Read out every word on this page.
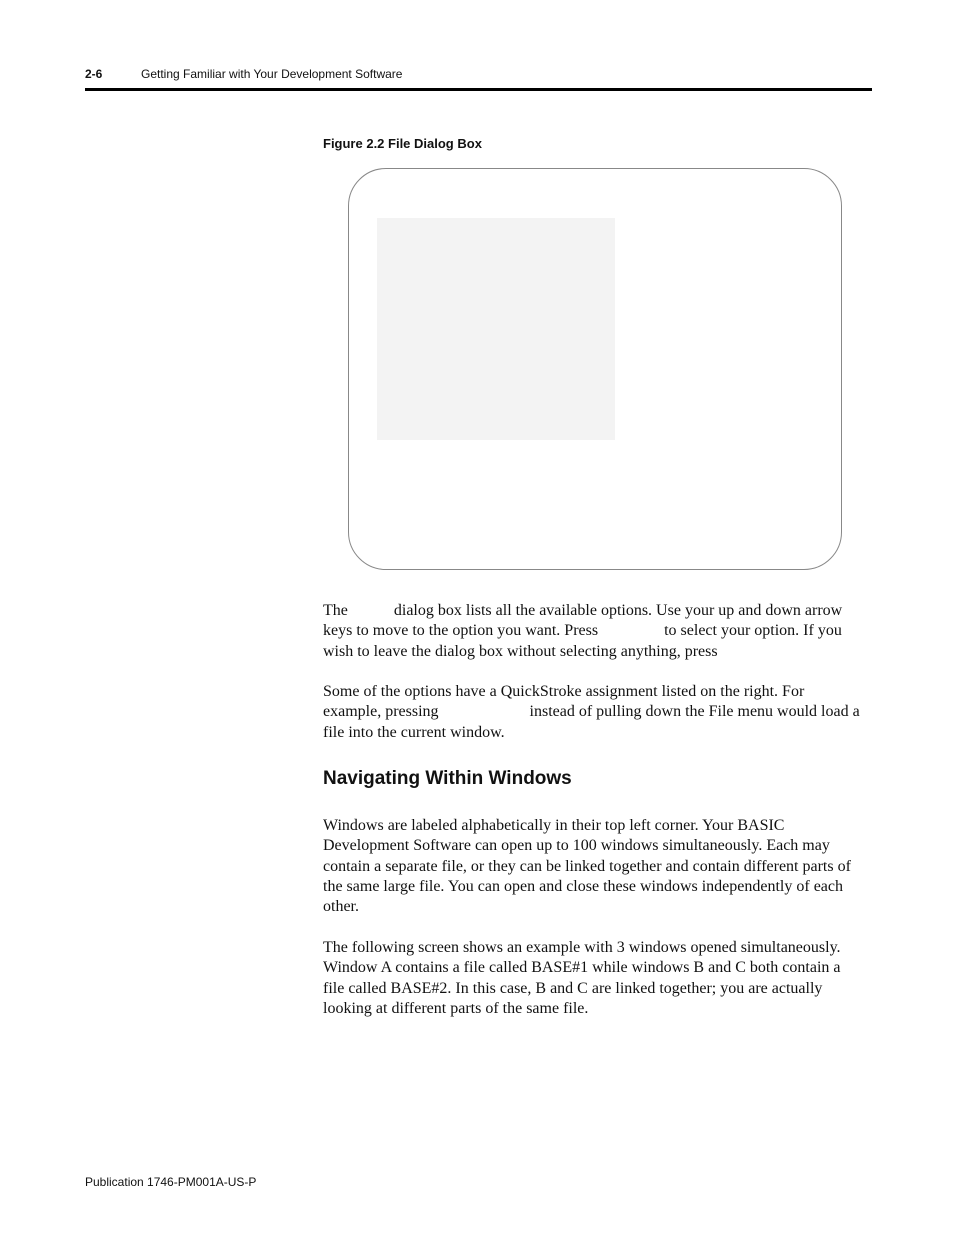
2-6	Getting Familiar with Your Development Software
Figure 2.2 File Dialog Box
The	dialog box lists all the available options. Use your up and down arrow
keys to move to the option you want. Press	to select your option. If you
wish to leave the dialog box without selecting anything, press
Some of the options have a QuickStroke assignment listed on the right. For
example, pressing	instead of pulling down the File menu would load a
file into the current window.
Navigating Within Windows
Windows are labeled alphabetically in their top left corner. Your BASIC
Development Software can open up to 100 windows simultaneously. Each may
contain a separate file, or they can be linked together and contain different parts of
the same large file. You can open and close these windows independently of each
other.
The following screen shows an example with 3 windows opened simultaneously.
Window A contains a file called BASE#1 while windows B and C both contain a
file called BASE#2. In this case, B and C are linked together; you are actually
looking at different parts of the same file.
Publication 1746-PM001A-US-P
